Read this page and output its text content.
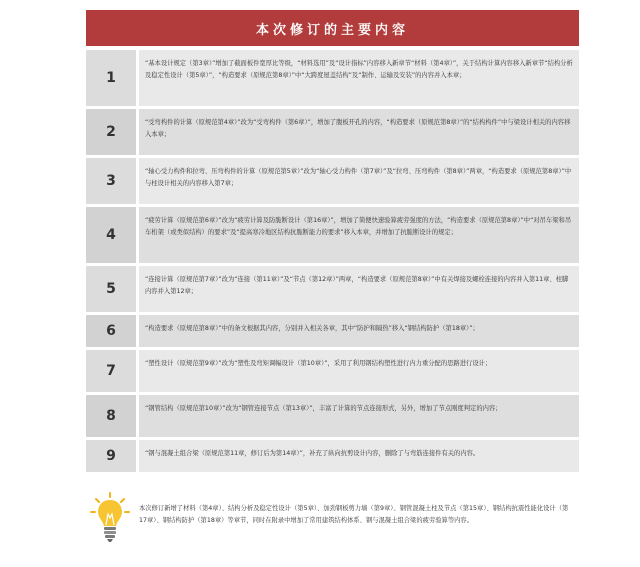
本次修订的主要内容
1
“基本设计规定（第3章）”增加了截面板件宽厚比等级，“材料选用”及“设计指标”内容移入新章节“材料（第4章）”，关于结构计算内容移入新章节“结构分析及稳定性设计（第5章）”，“构造要求（原规范第8章）”中“大跨度屋盖结构”及“制作、运输及安装”的内容并入本章；
2
“受弯构件的计算（原规范第4章）”改为“受弯构件（第6章）”，增加了腹板开孔的内容，“构造要求（原规范第8章）”的“结构构件”中与梁设计相关的内容移入本章；
3
“轴心受力构件和拉弯、压弯构件的计算（原规范第5章）”改为“轴心受力构件（第7章）”及“拉弯、压弯构件（第8章）”两章，“构造要求（原规范第8章）”中与柱设计相关的内容移入第7章；
4
“疲劳计算（原规范第6章）”改为“疲劳计算及防脆断设计（第16章）”，增加了简便快速验算疲劳强度的方法，“构造要求（原规范第8章）”中“对吊车梁和吊车桁架（或类似结构）的要求”及“提高寒冷地区结构抗脆断能力的要求”移入本章，并增加了抗脆断设计的规定；
5
“连接计算（原规范第7章）”改为“连接（第11章）”及“节点（第12章）”两章，“构造要求（原规范第8章）”中有关焊接及螺栓连接的内容并入第11章、柱脚内容并入第12章；
6	“构造要求（原规范第8章）”中的条文根据其内容，分别并入相关各章，其中“防护和隔热”移入“钢结构防护（第18章）”；
7	“塑性设计（原规范第9章）”改为“塑性及弯矩调幅设计（第10章）”，采用了利用钢结构塑性进行内力重分配的思路进行设计；
8	“钢管结构（原规范第10章）”改为“钢管连接节点（第13章）”，丰富了计算的节点连接形式，另外，增加了节点刚度判定的内容；
9	“钢与混凝土组合梁（原规范第11章，修订后为第14章）”，补充了纵向抗剪设计内容，删除了与弯筋连接件有关的内容。
本次修订新增了材料（第4章）、结构分析及稳定性设计（第5章）、加劲钢板剪力墙（第9章）、钢管混凝土柱及节点（第15章）、钢结构抗震性能化设计（第17章）、钢结构防护（第18章）等章节，同时在附录中增加了常用建筑结构体系、钢与混凝土组合梁的疲劳验算等内容。
